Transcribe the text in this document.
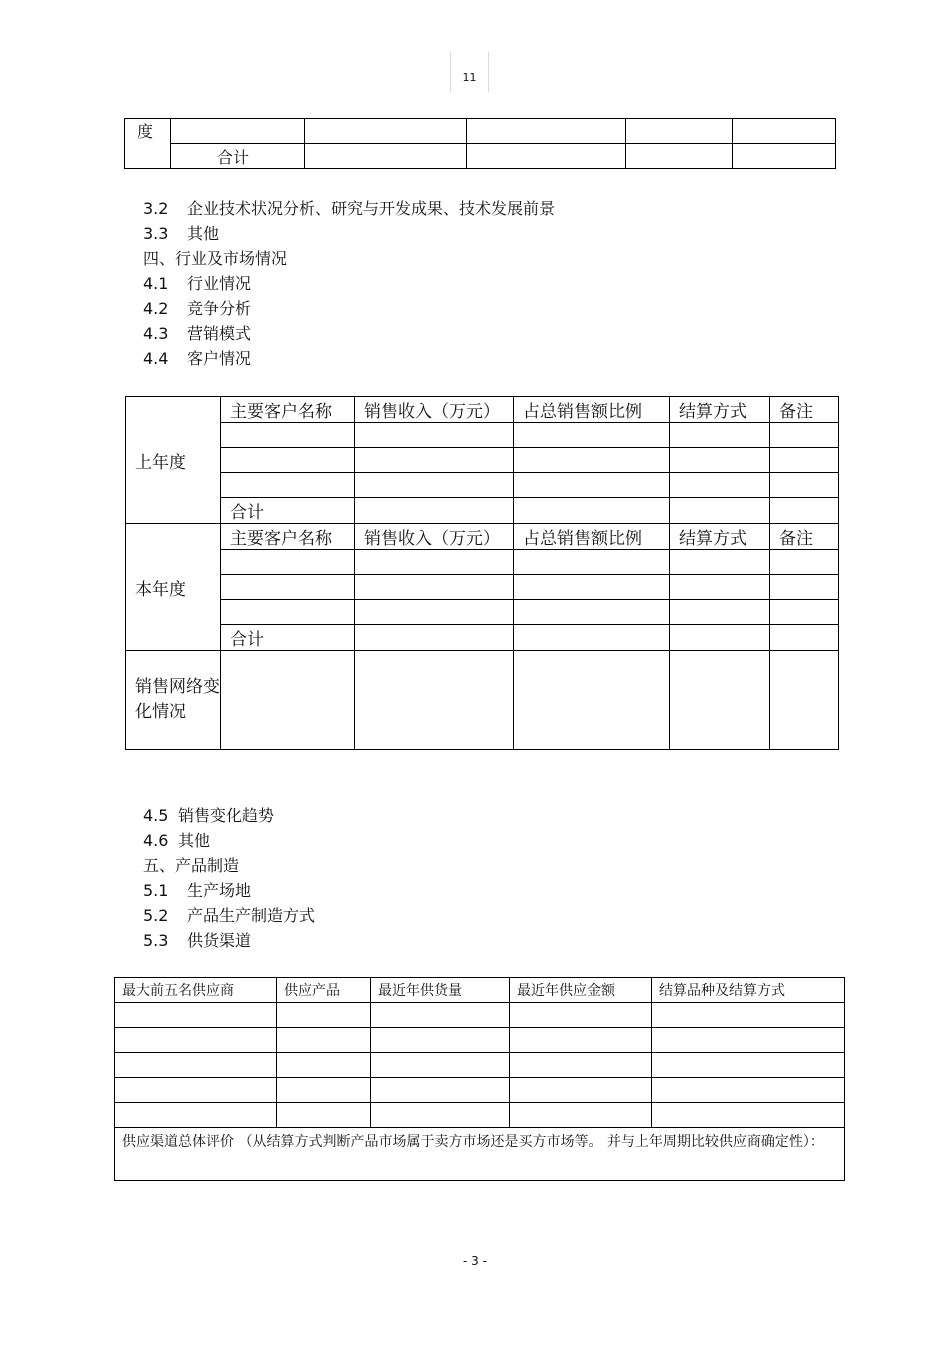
11
度					
	合计				
3.2 企业技术状况分析、研究与开发成果、技术发展前景
3.3 其他
四、行业及市场情况
4.1 行业情况
4.2 竞争分析
4.3 营销模式
4.4 客户情况
上年度	主要客户名称	销售收入（万元）	占总销售额比例	结算方式	备注

	合计				
本年度	主要客户名称	销售收入（万元）	占总销售额比例	结算方式	备注

	合计				
销售网络变化情况					
4.5 销售变化趋势
4.6 其他
五、产品制造
5.1 生产场地
5.2 产品生产制造方式
5.3 供货渠道
最大前五名供应商	供应产品	最近年供货量	最近年供应金额	结算品种及结算方式

供应渠道总体评价 （从结算方式判断产品市场属于卖方市场还是买方市场等。 并与上年周期比较供应商确定性）：				
- 3 -
